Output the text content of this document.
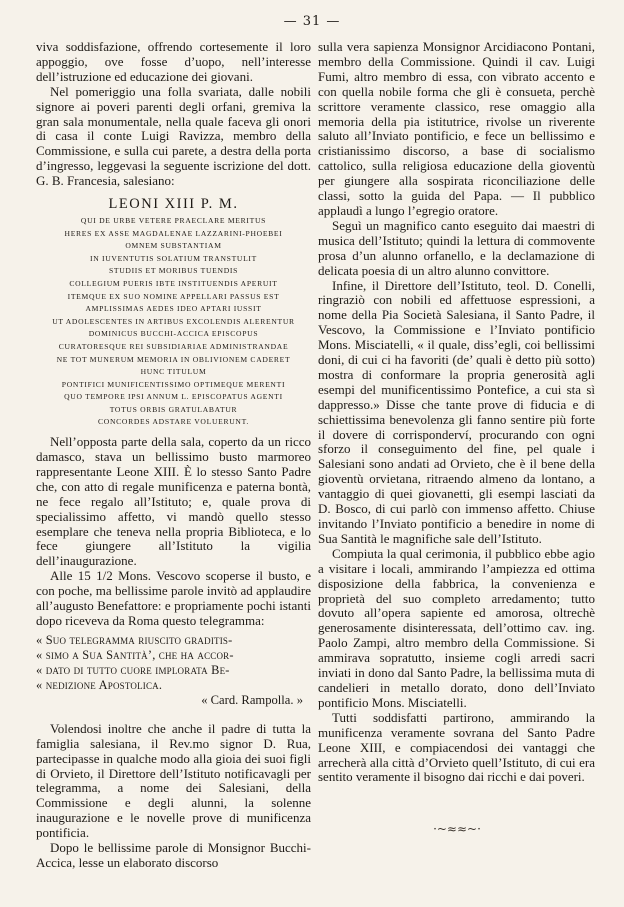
— 31 —

viva soddisfazione, offrendo cortesemente il loro appoggio, ove fosse d’uopo, nell’interesse dell’istruzione ed educazione dei giovani.

Nel pomeriggio una folla svariata, dalle nobili signore ai poveri parenti degli orfani, gremiva la gran sala monumentale, nella quale faceva gli onori di casa il conte Luigi Ravizza, membro della Commissione, e sulla cui parete, a destra della porta d’ingresso, leggevasi la seguente iscrizione del dott. G. B. Francesia, salesiano:

LEONI XIII P. M.
QUI DE URBE VETERE PRAECLARE MERITUS
HERES EX ASSE MAGDALENAE LAZZARINI-PHOEBEI
OMNEM SUBSTANTIAM
IN IUVENTUTIS SOLATIUM TRANSTULIT
STUDIIS ET MORIBUS TUENDIS
COLLEGIUM PUERIS IBTE INSTITUENDIS APERUIT
ITEMQUE EX SUO NOMINE APPELLARI PASSUS EST
AMPLISSIMAS AEDES IDEO APTARI IUSSIT
UT ADOLESCENTES IN ARTIBUS EXCOLENDIS ALERENTUR
DOMINICUS BUCCHI-ACCICA EPISCOPUS
CURATORESQUE REI SUBSIDIARIAE ADMINISTRANDAE
NE TOT MUNERUM MEMORIA IN OBLIVIONEM CADERET
HUNC TITULUM
PONTIFICI MUNIFICENTISSIMO OPTIMEQUE MERENTI
QUO TEMPORE IPSI ANNUM L. EPISCOPATUS AGENTI
TOTUS ORBIS GRATULABATUR
CONCORDES ADSTARE VOLUERUNT.

Nell’opposta parte della sala, coperto da un ricco damasco, stava un bellissimo busto marmoreo rappresentante Leone XIII. È lo stesso Santo Padre che, con atto di regale munificenza e paterna bontà, ne fece regalo all’Istituto; e, quale prova di specialissimo affetto, vi mandò quello stesso esemplare che teneva nella propria Biblioteca, e lo fece giungere all’Istituto la vigilia dell’inaugurazione.

Alle 15 1/2 Mons. Vescovo scoperse il busto, e con poche, ma bellissime parole invitò ad applaudire all’augusto Benefattore: e propriamente pochi istanti dopo riceveva da Roma questo telegramma:

« Suo telegramma riuscito graditis-
« simo a Sua Santità’, che ha accor-
« dato di tutto cuore implorata Be-
« nedizione Apostolica.
« Card. Rampolla. »

Volendosi inoltre che anche il padre di tutta la famiglia salesiana, il Rev.mo signor D. Rua, partecipasse in qualche modo alla gioia dei suoi figli di Orvieto, il Direttore dell’Istituto notificavagli per telegramma, a nome dei Salesiani, della Commissione e degli alunni, la solenne inaugurazione e le novelle prove di munificenza pontificia.

Dopo le bellissime parole di Monsignor Bucchi-Accica, lesse un elaborato discorso

sulla vera sapienza Monsignor Arcidiacono Pontani, membro della Commissione. Quindi il cav. Luigi Fumi, altro membro di essa, con vibrato accento e con quella nobile forma che gli è consueta, perchè scrittore veramente classico, rese omaggio alla memoria della pia istitutrice, rivolse un riverente saluto all’Inviato pontificio, e fece un bellissimo e cristianissimo discorso, a base di socialismo cattolico, sulla religiosa educazione della gioventù per giungere alla sospirata riconciliazione delle classi, sotto la guida del Papa. — Il pubblico applaudì a lungo l’egregio oratore.

Seguì un magnifico canto eseguito dai maestri di musica dell’Istituto; quindi la lettura di commovente prosa d’un alunno orfanello, e la declamazione di delicata poesia di un altro alunno convittore.

Infine, il Direttore dell’Istituto, teol. D. Conelli, ringraziò con nobili ed affettuose espressioni, a nome della Pia Società Salesiana, il Santo Padre, il Vescovo, la Commissione e l’Inviato pontificio Mons. Misciatelli, « il quale, diss’egli, coi bellissimi doni, di cui ci ha favoriti (de’ quali è detto più sotto) mostra di conformare la propria generosità agli esempi del munificentissimo Pontefice, a cui sta sì dappresso.» Disse che tante prove di fiducia e di schiettissima benevolenza gli fanno sentire più forte il dovere di corrisponderví, procurando con ogni sforzo il conseguimento del fine, pel quale i Salesiani sono andati ad Orvieto, che è il bene della gioventù orvietana, ritraendo almeno da lontano, a vantaggio di quei giovanetti, gli esempi lasciati da D. Bosco, di cui parlò con immenso affetto. Chiuse invitando l’Inviato pontificio a benedire in nome di Sua Santità le magnifiche sale dell’Istituto.

Compiuta la qual cerimonia, il pubblico ebbe agio a visitare i locali, ammirando l’ampiezza ed ottima disposizione della fabbrica, la convenienza e proprietà del suo completo arredamento; tutto dovuto all’opera sapiente ed amorosa, oltrechè generosamente disinteressata, dell’ottimo cav. ing. Paolo Zampi, altro membro della Commissione. Si ammirava sopratutto, insieme cogli arredi sacri inviati in dono dal Santo Padre, la bellissima muta di candelieri in metallo dorato, dono dell’Inviato pontificio Mons. Misciatelli.

Tutti soddisfatti partirono, ammirando la munificenza veramente sovrana del Santo Padre Leone XIII, e compiacendosi dei vantaggi che arrecherà alla città d’Orvieto quell’Istituto, di cui era sentito veramente il bisogno dai ricchi e dai poveri.

·~≈≈~·
